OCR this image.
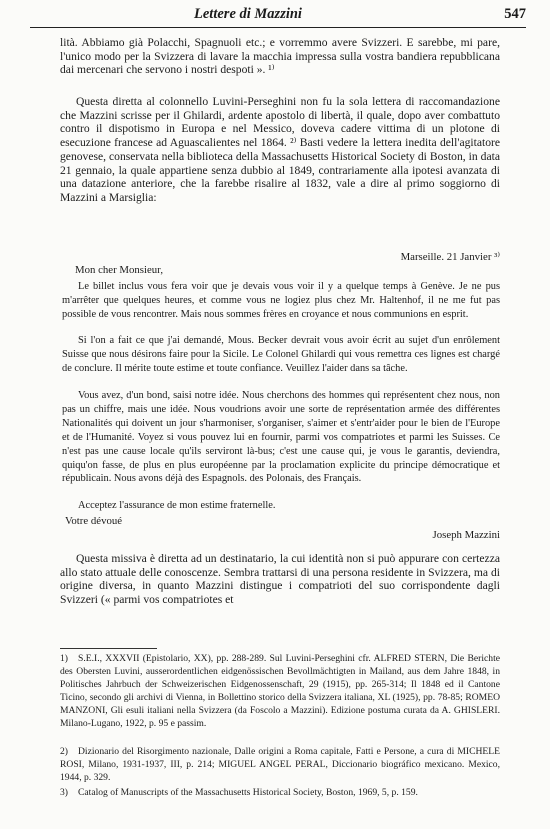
Lettere di Mazzini	547

lità. Abbiamo già Polacchi, Spagnuoli etc.; e vorremmo avere Svizzeri. E sarebbe, mi pare, l'unico modo per la Svizzera di lavare la macchia impressa sulla vostra bandiera repubblicana dai mercenari che servono i nostri despoti ». ¹⁾

Questa diretta al colonnello Luvini-Perseghini non fu la sola lettera di raccomandazione che Mazzini scrisse per il Ghilardi, ardente apostolo di libertà, il quale, dopo aver combattuto contro il dispotismo in Europa e nel Messico, doveva cadere vittima di un plotone di esecuzione francese ad Aguascalientes nel 1864. ²⁾ Basti vedere la lettera inedita dell'agitatore genovese, conservata nella biblioteca della Massachusetts Historical Society di Boston, in data 21 gennaio, la quale appartiene senza dubbio al 1849, contrariamente alla ipotesi avanzata di una datazione anteriore, che la farebbe risalire al 1832, vale a dire al primo soggiorno di Mazzini a Marsiglia:

Marseille. 21 Janvier ³⁾
Mon cher Monsieur,

Le billet inclus vous fera voir que je devais vous voir il y a quelque temps à Genève. Je ne pus m'arrêter que quelques heures, et comme vous ne logiez plus chez Mr. Haltenhof, il ne me fut pas possible de vous rencontrer. Mais nous sommes frères en croyance et nous communions en esprit.

Si l'on a fait ce que j'ai demandé, Mous. Becker devrait vous avoir écrit au sujet d'un enrôlement Suisse que nous désirons faire pour la Sicile. Le Colonel Ghilardi qui vous remettra ces lignes est chargé de conclure. Il mérite toute estime et toute confiance. Veuillez l'aider dans sa tâche.

Vous avez, d'un bond, saisi notre idée. Nous cherchons des hommes qui représentent chez nous, non pas un chiffre, mais une idée. Nous voudrions avoir une sorte de représentation armée des différentes Nationalités qui doivent un jour s'harmoniser, s'organiser, s'aimer et s'entr'aider pour le bien de l'Europe et de l'Humanité. Voyez si vous pouvez lui en fournir, parmi vos compatriotes et parmi les Suisses. Ce n'est pas une cause locale qu'ils serviront là-bus; c'est une cause qui, je vous le garantis, deviendra, quiqu'on fasse, de plus en plus européenne par la proclamation explicite du principe démocratique et républicain. Nous avons déjà des Espagnols. des Polonais, des Français.

Acceptez l'assurance de mon estime fraternelle.

Votre dévoué
Joseph Mazzini

Questa missiva è diretta ad un destinatario, la cui identità non si può appurare con certezza allo stato attuale delle conoscenze. Sembra trattarsi di una persona residente in Svizzera, ma di origine diversa, in quanto Mazzini distingue i compatrioti del suo corrispondente dagli Svizzeri (« parmi vos compatriotes et

1) S.E.I., XXXVII (Epistolario, XX), pp. 288-289. Sul Luvini-Perseghini cfr. ALFRED STERN, Die Berichte des Obersten Luvini, ausserordentlichen eidgenössischen Bevollmächtigten in Mailand, aus dem Jahre 1848, in Politisches Jahrbuch der Schweizerischen Eidgenossenschaft, 29 (1915), pp. 265-314; Il 1848 ed il Cantone Ticino, secondo gli archivi di Vienna, in Bollettino storico della Svizzera italiana, XL (1925), pp. 78-85; ROMEO MANZONI, Gli esuli italiani nella Svizzera (da Foscolo a Mazzini). Edizione postuma curata da A. GHISLERI. Milano-Lugano, 1922, p. 95 e passim.

2) Dizionario del Risorgimento nazionale, Dalle origini a Roma capitale, Fatti e Persone, a cura di MICHELE ROSI, Milano, 1931-1937, III, p. 214; MIGUEL ANGEL PERAL, Diccionario biográfico mexicano. Mexico, 1944, p. 329.

3) Catalog of Manuscripts of the Massachusetts Historical Society, Boston, 1969, 5, p. 159.
